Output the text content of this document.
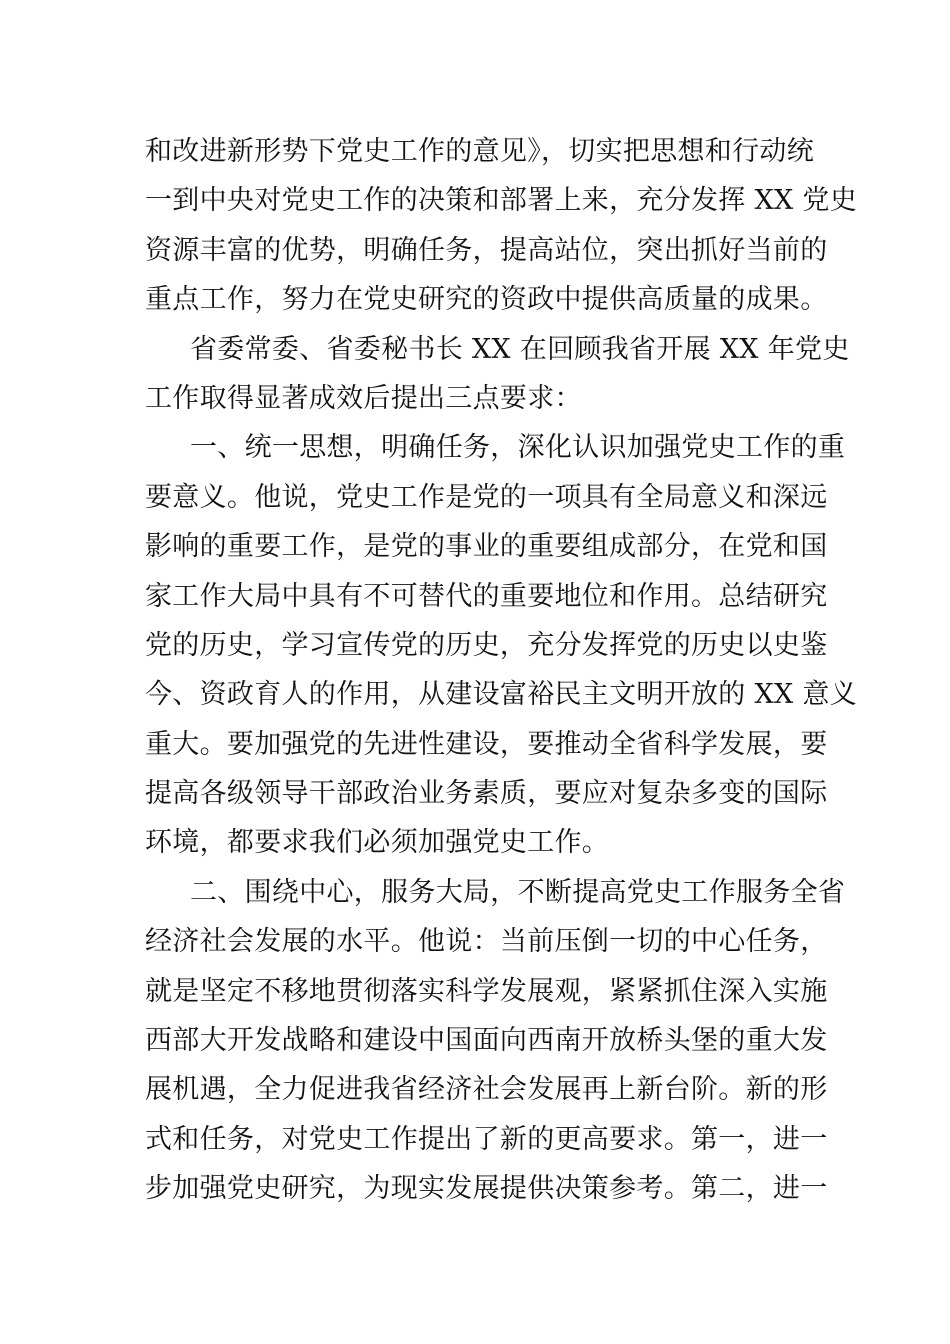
和改进新形势下党史工作的意见》，切实把思想和行动统
一到中央对党史工作的决策和部署上来，充分发挥 XX 党史
资源丰富的优势，明确任务，提高站位，突出抓好当前的
重点工作，努力在党史研究的资政中提供高质量的成果。
省委常委、省委秘书长 XX 在回顾我省开展 XX 年党史
工作取得显著成效后提出三点要求：
一、统一思想，明确任务，深化认识加强党史工作的重
要意义。他说，党史工作是党的一项具有全局意义和深远
影响的重要工作，是党的事业的重要组成部分，在党和国
家工作大局中具有不可替代的重要地位和作用。总结研究
党的历史，学习宣传党的历史，充分发挥党的历史以史鉴
今、资政育人的作用，从建设富裕民主文明开放的 XX 意义
重大。要加强党的先进性建设，要推动全省科学发展，要
提高各级领导干部政治业务素质，要应对复杂多变的国际
环境，都要求我们必须加强党史工作。
二、围绕中心，服务大局，不断提高党史工作服务全省
经济社会发展的水平。他说：当前压倒一切的中心任务，
就是坚定不移地贯彻落实科学发展观，紧紧抓住深入实施
西部大开发战略和建设中国面向西南开放桥头堡的重大发
展机遇，全力促进我省经济社会发展再上新台阶。新的形
式和任务，对党史工作提出了新的更高要求。第一，进一
步加强党史研究，为现实发展提供决策参考。第二，进一
